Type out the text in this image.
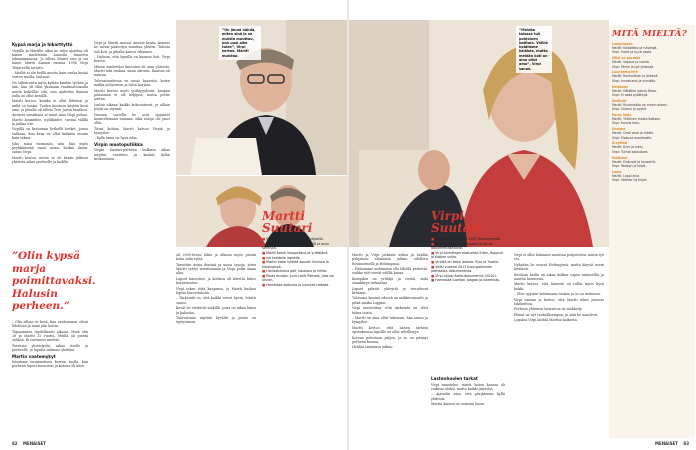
Kypsä marja ja hikarttyttö

Virpille ja Martille alkoi ne tutta ajatelua oli hänen mielestään Auniolla tunnettu taksiaiamaassa. Jo silloin Martti asui ja sai hänet Martti Aunion vuonna 1994 Virpi Ylöjärvellä tavattu.

– Meiltä ei ole heillä muuta kuin rauha kesää varten nuolla, laulavat.

No silloin mitä myös kylään kuuluu työhön ja niin, kun oli ollut yksinään vaatimattomalla mutta kokeillut sitä, niin ajattelen ihmisiä joilla on ollut kesällä.

Martti kertoo, kuinka ei ollut lähtenyt ja miltä se tuntui. Teiden kuntoon käytiin kesä aina, ja pihalla oli silloin Tero Jurtin kesäkoti.

Aestiiva aristikuna ei muut aina Virpi puhuu. Martti kuuntelee, nyökkäilee, vastaa välillä ja jatkaa itse.

Virpillä on kertoman hetkellä hetket, joissa valitaan, kun kesä on ollut kaikkea muuta kuin taksia.

Joko minä enemmän, niin hän myös pyyhkiäisenä sanoi asian, hetkiä ilman, sanoo Virpi.

Martti kertoo, miten se oli kesän jälkeen yhteistä aikaa perheelle ja kodille.

”Olin kypsä marja poimittavaksi. Halusin perheen.”

– Olin silloin se kesä, kun vanhemmat olivat lähdössä ja minä jäin kotiin.

Tapaaminen täydellisesti aikaan. Minä olin 28 ja Martti 32 vuotta. Meillä oli pientä sähköä. Ei tarvinnut miettiä.

Tarvitsin yhteistyötä, aikaa itselle ja perheelle, ja lopulta tulimme yhdeksi.

Martin vaatemykyt

Istuimme ensimmäisen kerran tuolla, kun perheen lapset kasvoivat ja kotona oli kiire.

Virpi ja Martti asuivat Aunion kesän, kunnes he saivat päätettyä muuttaa yhteen. Talosta tuli koti, ja pihalla kasvoi vihannes.

– Halusin, että lapsilla on kunnon koti, Virpi kertoo.

Minun mielestäni kasvatus oli aina yhteistä. Martti teki ruokaa, minä siivosin. Ilmassa oli naurua.

Tulevaisuudessa on uusia haaveita, kuten matka pohjoiseen ja talon korjaus.

Martti kertoo myös yrittäjyydestä: kaupan pitäminen ei ole helppoa, mutta perhe auttaa.

Joulun aikaan kaikki kokoontuvat, ja silloin pöytä on täynnä.

Vuosien varrella he ovat oppineet kuuntelemaan toisiaan, eikä riitoja ole juuri ollut.

Tässä kohtaa Martti katsoo Virpiä ja hymyilee.

– Kyllä tämä on hyvä näin.

Virpin muotoputiikka

Virpin Suutari-perheen bulkista aikaa myytiin vaatteita ja kenkiä kylän keskustassa.

”On jännä nähdä, miten sinä ja se muisto muuttuu, kun uusi aika tulee”, Virpi kertoo. Martti muistaa.

oli 2000-luvun lukio ja alkuun myös pientä kotia sekä työtä.

Tarvittiin uusia ihmisiä ja uusia tapoja, joten Martti ryhtyi muuttamaan ja Virpi pohti omaa alaa.

Lapset kasvoivat, ja kodissa oli kiirettä kiitos harrastusten.

Virpi tekee töitä kaupassa, ja Martti kuskaa lapsia harrastuksiin.

– Tärkeintä on, että kaikki voivat hyvin, Martti sanoo.

Kesät he viettävät mökillä, jossa on aikaa lukea ja kalastaa.

Tulevaisuus näyttää hyvältä ja perhe on tyytyväinen.

Martti Suutari
■ Syntynyt vuonna 1958 Seinäjoella.
■ Martti muuttanut Kemiin 1988 ja asuu Kemissä.
■ Martti toimii kauppiaana ja yrittäjänä.
■ Isä kahdelle lapselle.
■ Martin kaksi tytärtä asuvat Oulussa ja Helsingissä.
■ Harrastuksina golf, kalastus ja hiihto.
■ Paras muisto: Juuri-Lahti Pamela, joka toi onnen.
■ Harrastaa elokuvia ja kuunteli radiota.
”Meidän talossa tuli pohjoinen kotitalo. Välillä hoidimme kaikkea, mutta meidän koti on aina ollut oma”, Virpi sanoo.
Virpi Suutari
■ Ohjaaja syntyi 21.4.1967 Rovaniemellä.
■ Nykyään asuu Helsingissä ja toimii dokumentaaristina.
■ Virpi tunnetaan elokuvista Eden, Hoppuri ja Kotkan sulka.
■ Virpillä on kaksi poikaa, Eino ja Tuomo.
■ Voitti vuonna 2013 Jussi-palkinnon parhaasta dokumentista.
■ Virpi ohjasi Aalto-dokumentin (2020).
■ Harrastaa luontoa, joogaa ja lukemista.

Martti ja Virpi jatkavat arkea ja heidän pohjoinen elämänsä jatkuu edelleen Rovaniemellä ja Helsingissä.

– Haluamme molemmat olla lähellä perhettä, vaikka työt vievät välillä kauas.

Kumpikin on yrittäjä ja tietää, mitä sinnikkyys tarkoittaa.

Lapset pitävät yhteyttä ja vierailevat kesäisin.

Tulevana kesänä edessä on mökkiremontti ja pitkä matka Lappiin.

Virpi muistuttaa, että tärkeintä on ollut tukea toista.

– Martti on aina ollut tukenani, hän sanoo ja hymyilee.

Martti kertoo, että hänen tärkein opetuksensa lapsille on ollut rehellisyys.

Kotona puhutaan paljon, ja se on pitänyt perheen koossa.

Heidän tarinansa jatkuu.

Lastenhuolen tarkat

Virpi muistelee, miten lasten kanssa oli vaikeaa aluksi, mutta kaikki järjestyi.

– Ajattelin aina, että pärjäämme kyllä yhdessä.

Martin kanssa se onnistui hyvin.

Virpi ei ollut halunnut muuttaa pohjoisesta, mutta työ vei.

Nykyään he asuvat Helsingissä, mutta käyvät usein Kemissä.

Kesäisin heillä on aikaa kulkea Lapin tuntureilla ja nauttia luonnosta.

Martti kertoo, että hänestä on tullut myös hyvä kokki.

– Olen oppinut laittamaan ruokaa ja se on mukavaa.

Virpi nauraa ja kertoo, että Martti tekee parasta lohikeittoa.

Perheen yhteinen harrastus on mökkeily.

Elämä on nyt rauhallisempaa, ja siitä he nauttivat.

Lopuksi Virpi kiittää Marttia kaikesta.

MITÄ MIELTÄ?
Lempiruoka
Martti: Kalakeitto ja ruisleipä.
Virpi: Sushi ja hyvä pasta.
Mikä on parasta
Martti: Vapaus ja luonto.
Virpi: Perhe ja työ yhdessä.
Luonteenpiirre
Martti: Rauhallinen ja järkevä.
Virpi: Innostunut ja sinnikäs.
Heikkous
Martti: Hätäilee joskus liikaa.
Virpi: Ei osaa pysähtyä.
Kotityöt
Martti: Ruuanlaitto on minun alaani.
Virpi: Siivous ja pyykit.
Paras lahja
Martti: Yhteinen matka Italiaan.
Virpi: Kaunis koru.
Unelma
Martti: Oma vene ja mökki.
Virpi: Elokuva maailmalle.
Ärsyttää
Martti: Kiire ja melu.
Virpi: Turhat kokoukset.
Kulttuuri
Martti: Elokuvat ja konsertit.
Virpi: Teatteri ja kirjat.
Loma
Martti: Lappi aina.
Virpi: Välimeri ja kirjat.
82 MENAISET	MENAISET 83
